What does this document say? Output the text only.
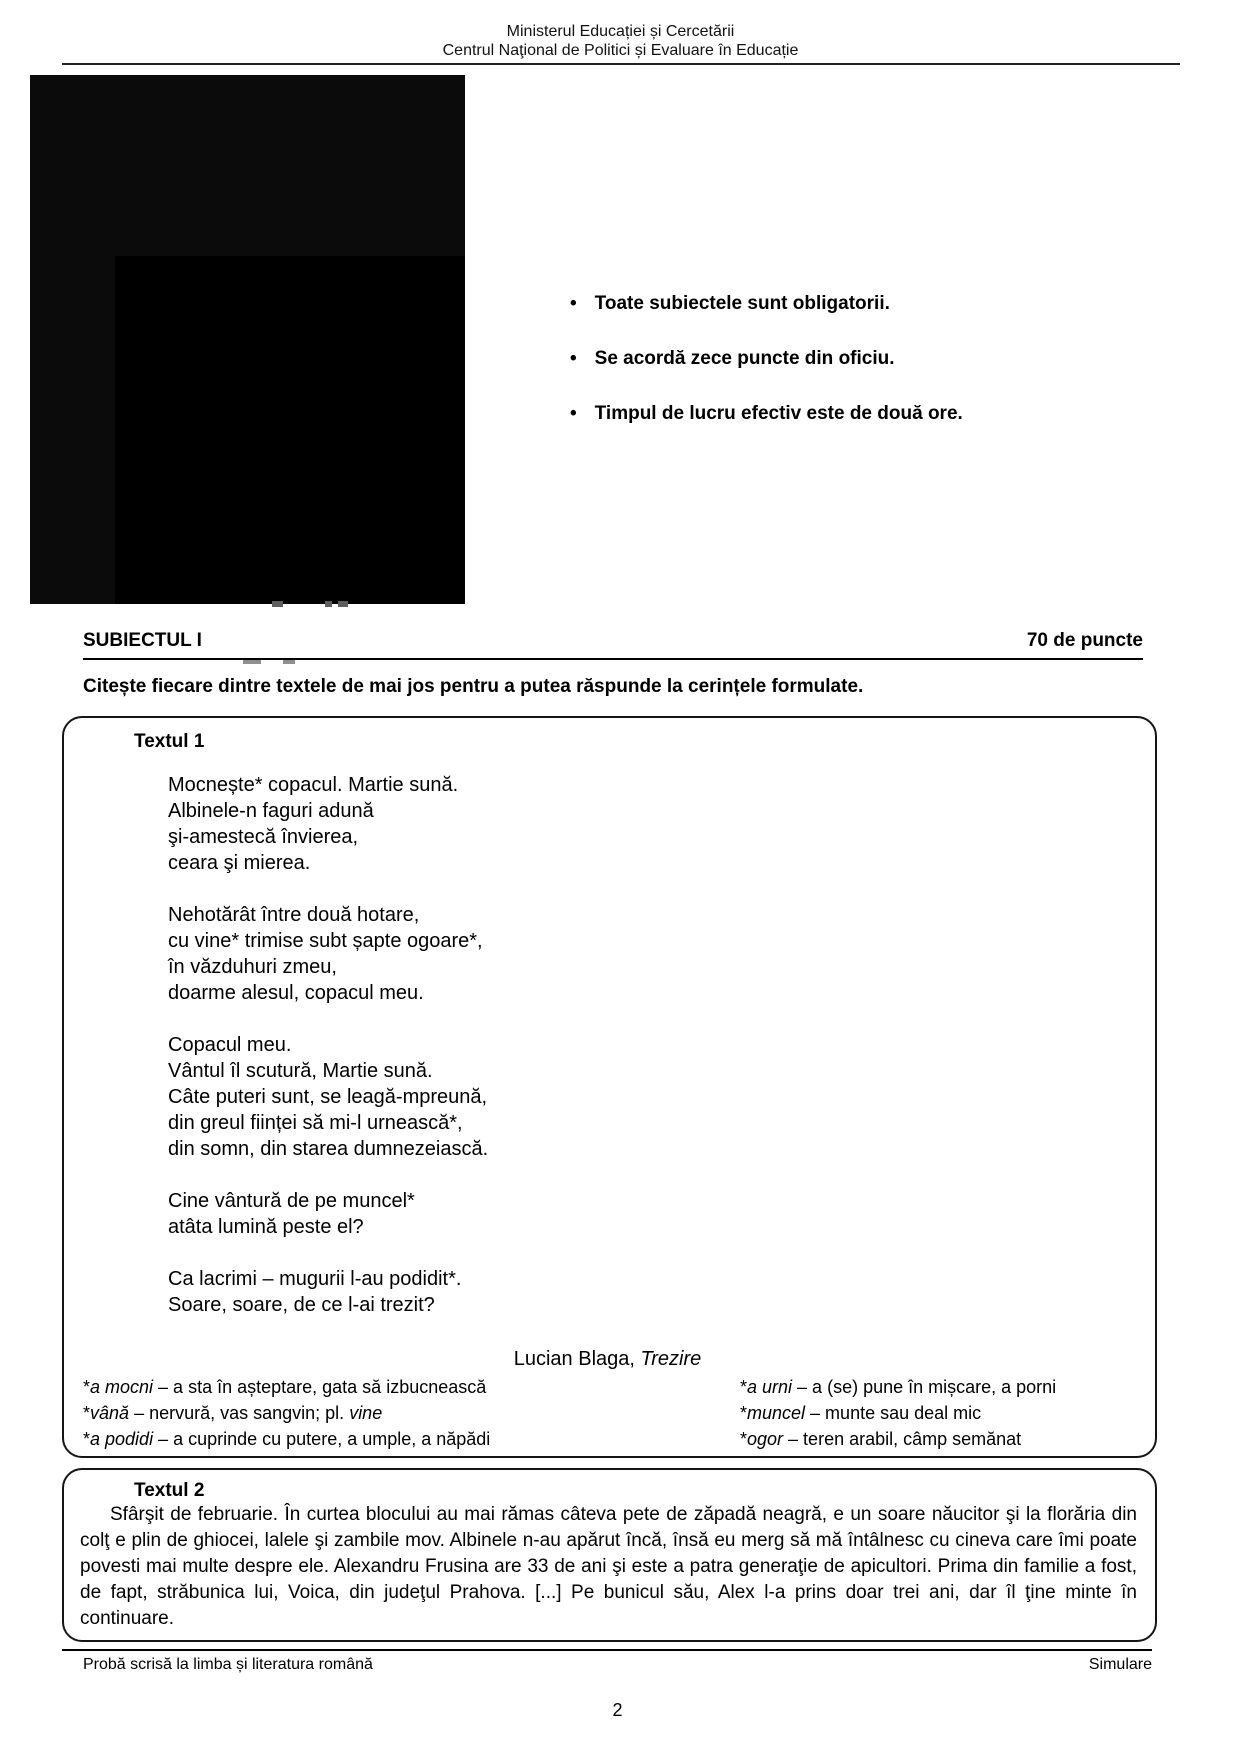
Ministerul Educației și Cercetării
Centrul Naţional de Politici și Evaluare în Educație
• Toate subiectele sunt obligatorii.
• Se acordă zece puncte din oficiu.
• Timpul de lucru efectiv este de două ore.
SUBIECTUL I	70 de puncte
Citește fiecare dintre textele de mai jos pentru a putea răspunde la cerințele formulate.
Textul 1
Mocnește* copacul. Martie sună.
Albinele-n faguri adună
şi-amestecă învierea,
ceara şi mierea.
Nehotărât între două hotare,
cu vine* trimise subt șapte ogoare*,
în văzduhuri zmeu,
doarme alesul, copacul meu.
Copacul meu.
Vântul îl scutură, Martie sună.
Câte puteri sunt, se leagă-mpreună,
din greul ființei să mi-l urnească*,
din somn, din starea dumnezeiască.
Cine vântură de pe muncel*
atâta lumină peste el?
Ca lacrimi – mugurii l-au podidit*.
Soare, soare, de ce l-ai trezit?
Lucian Blaga, Trezire
*a mocni – a sta în așteptare, gata să izbucnească
*vână – nervură, vas sangvin; pl. vine
*a podidi – a cuprinde cu putere, a umple, a năpădi
*a urni – a (se) pune în mișcare, a porni
*muncel – munte sau deal mic
*ogor – teren arabil, câmp semănat
Textul 2
Sfârşit de februarie. În curtea blocului au mai rămas câteva pete de zăpadă neagră, e un soare năucitor şi la florăria din colţ e plin de ghiocei, lalele şi zambile mov. Albinele n-au apărut încă, însă eu merg să mă întâlnesc cu cineva care îmi poate povesti mai multe despre ele. Alexandru Frusina are 33 de ani şi este a patra generaţie de apicultori. Prima din familie a fost, de fapt, străbunica lui, Voica, din judeţul Prahova. [...] Pe bunicul său, Alex l-a prins doar trei ani, dar îl ţine minte în continuare.
Probă scrisă la limba și literatura română	Simulare
2
